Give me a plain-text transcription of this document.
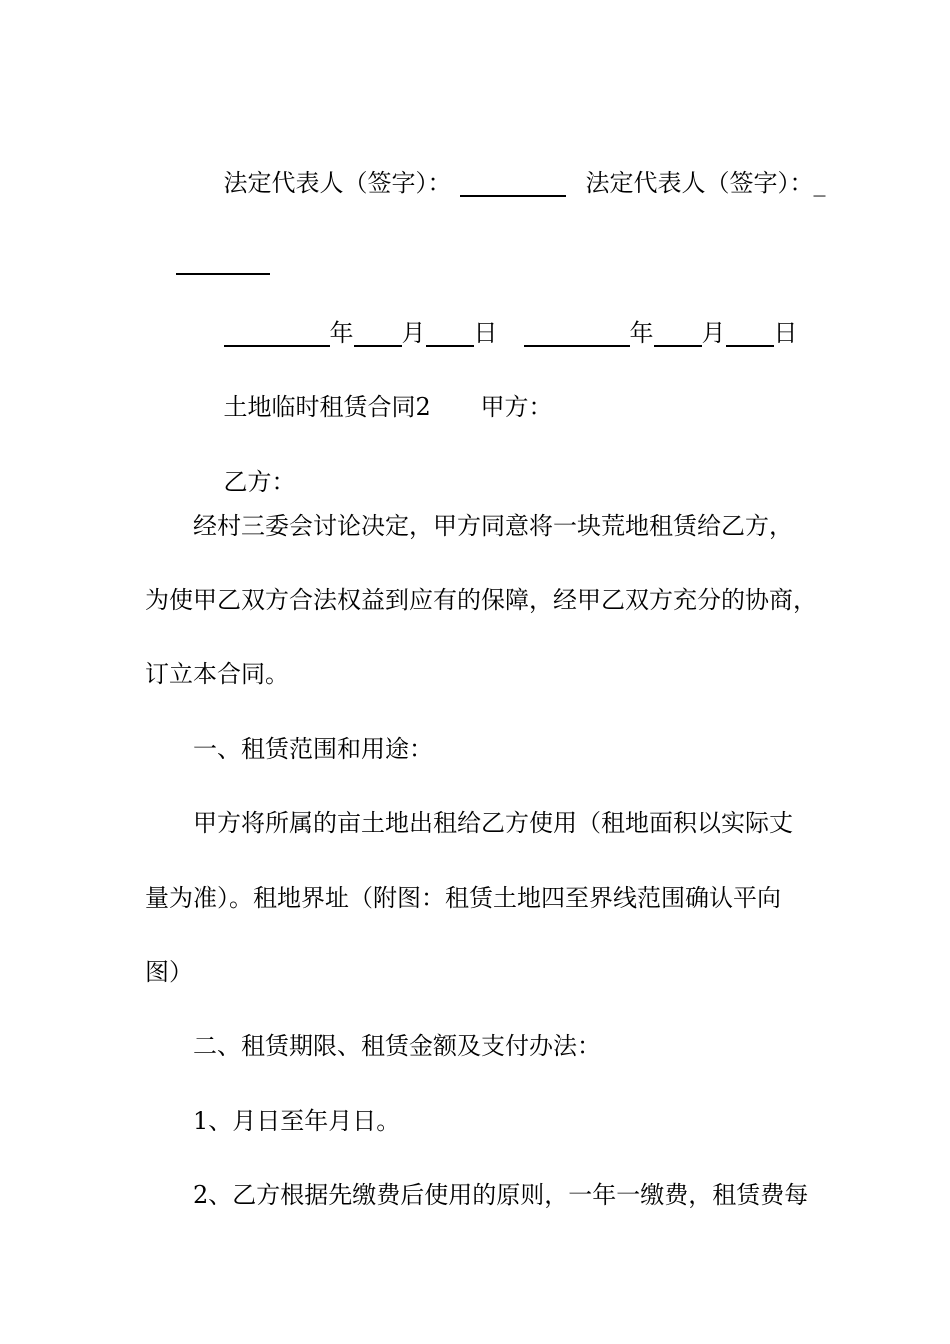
法定代表人（签字）：
	法定代表人（签字）：_

年 月 日
	年 月 日

土地临时租赁合同2
	甲方：

乙方：

经村三委会讨论决定，甲方同意将一块荒地租赁给乙方，
为使甲乙双方合法权益到应有的保障，经甲乙双方充分的协商，
订立本合同。
一、租赁范围和用途：
甲方将所属的亩土地出租给乙方使用（租地面积以实际丈
量为准）。租地界址（附图：租赁土地四至界线范围确认平向
图）
二、租赁期限、租赁金额及支付办法：
1、月日至年月日。
2、乙方根据先缴费后使用的原则，一年一缴费，租赁费每
